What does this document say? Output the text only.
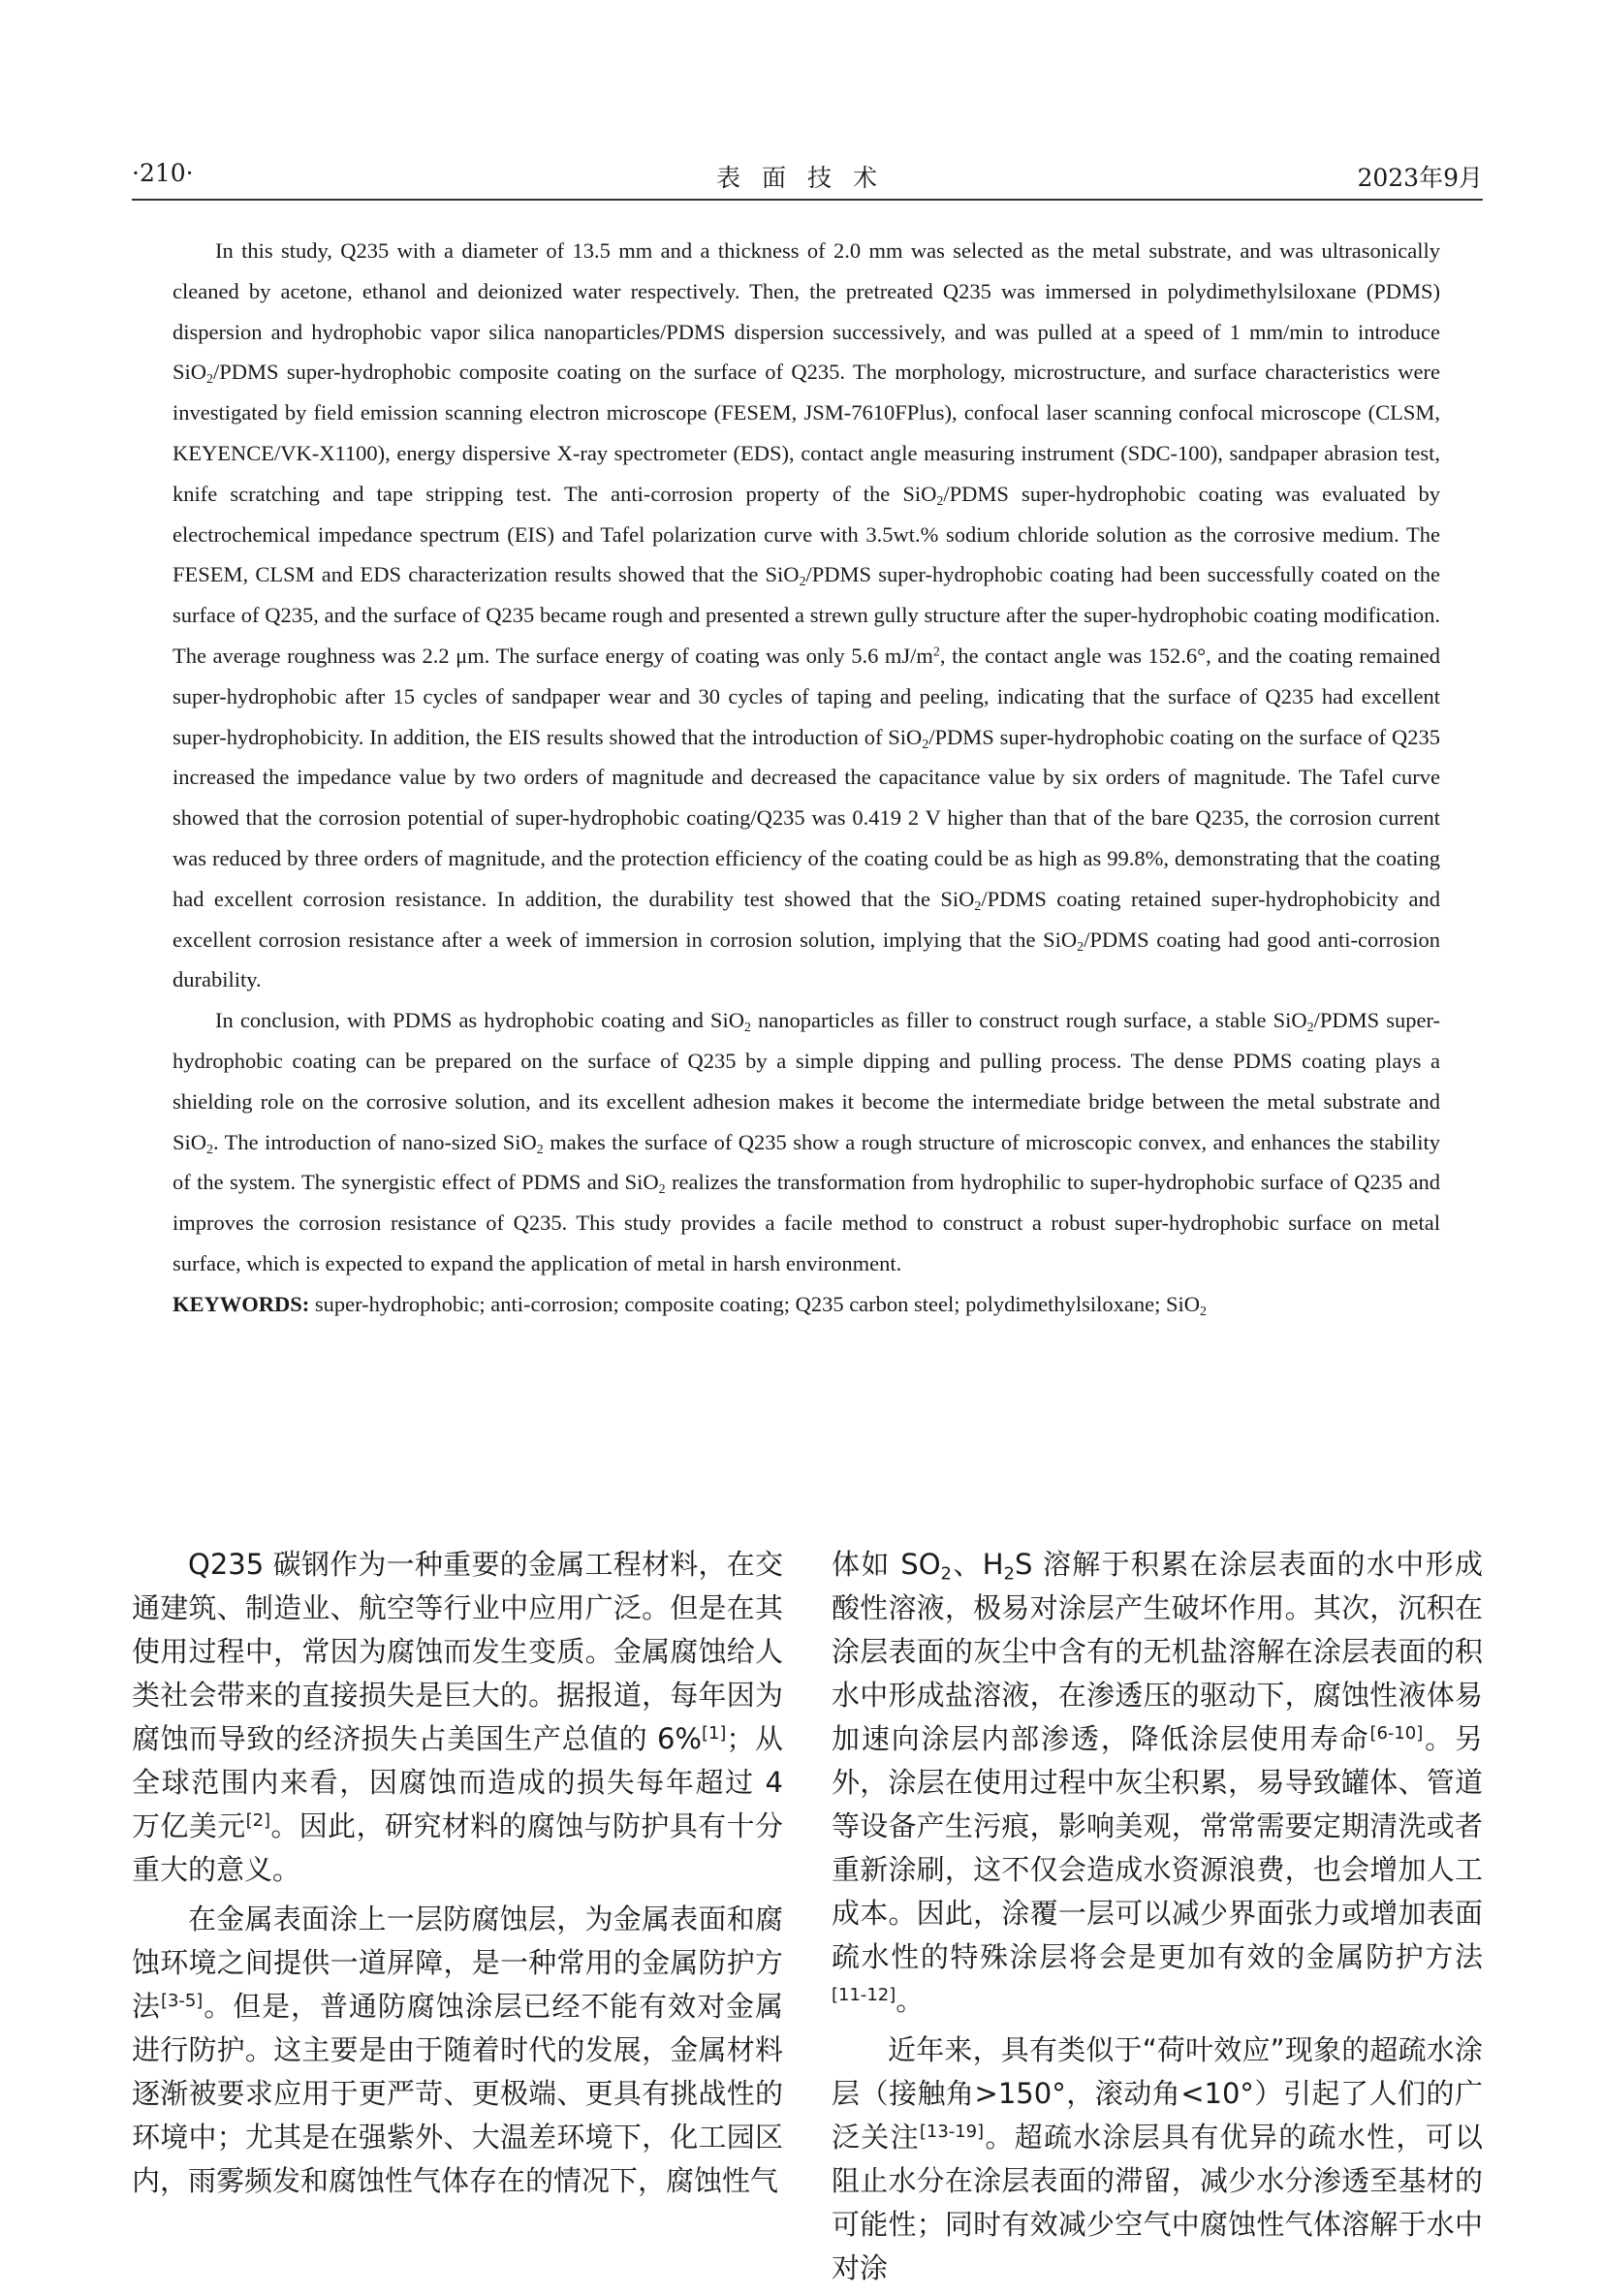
·210·	表面技术	2023年9月

In this study, Q235 with a diameter of 13.5 mm and a thickness of 2.0 mm was selected as the metal substrate, and was ultrasonically cleaned by acetone, ethanol and deionized water respectively. Then, the pretreated Q235 was immersed in polydimethylsiloxane (PDMS) dispersion and hydrophobic vapor silica nanoparticles/PDMS dispersion successively, and was pulled at a speed of 1 mm/min to introduce SiO$_2$/PDMS super-hydrophobic composite coating on the surface of Q235. The morphology, microstructure, and surface characteristics were investigated by field emission scanning electron microscope (FESEM, JSM-7610FPlus), confocal laser scanning confocal microscope (CLSM, KEYENCE/VK-X1100), energy dispersive X-ray spectrometer (EDS), contact angle measuring instrument (SDC-100), sandpaper abrasion test, knife scratching and tape stripping test. The anti-corrosion property of the SiO$_2$/PDMS super-hydrophobic coating was evaluated by electrochemical impedance spectrum (EIS) and Tafel polarization curve with 3.5wt.% sodium chloride solution as the corrosive medium. The FESEM, CLSM and EDS characterization results showed that the SiO$_2$/PDMS super-hydrophobic coating had been successfully coated on the surface of Q235, and the surface of Q235 became rough and presented a strewn gully structure after the super-hydrophobic coating modification. The average roughness was 2.2 μm. The surface energy of coating was only 5.6 $mJ/m^2$, the contact angle was 152.6°, and the coating remained super-hydrophobic after 15 cycles of sandpaper wear and 30 cycles of taping and peeling, indicating that the surface of Q235 had excellent super-hydrophobicity. In addition, the EIS results showed that the introduction of SiO$_2$/PDMS super-hydrophobic coating on the surface of Q235 increased the impedance value by two orders of magnitude and decreased the capacitance value by six orders of magnitude. The Tafel curve showed that the corrosion potential of super-hydrophobic coating/Q235 was 0.419 2 V higher than that of the bare Q235, the corrosion current was reduced by three orders of magnitude, and the protection efficiency of the coating could be as high as 99.8%, demonstrating that the coating had excellent corrosion resistance. In addition, the durability test showed that the SiO$_2$/PDMS coating retained super-hydrophobicity and excellent corrosion resistance after a week of immersion in corrosion solution, implying that the SiO$_2$/PDMS coating had good anti-corrosion durability.

In conclusion, with PDMS as hydrophobic coating and SiO$_2$ nanoparticles as filler to construct rough surface, a stable SiO$_2$/PDMS super-hydrophobic coating can be prepared on the surface of Q235 by a simple dipping and pulling process. The dense PDMS coating plays a shielding role on the corrosive solution, and its excellent adhesion makes it become the intermediate bridge between the metal substrate and SiO$_2$. The introduction of nano-sized SiO$_2$ makes the surface of Q235 show a rough structure of microscopic convex, and enhances the stability of the system. The synergistic effect of PDMS and SiO$_2$ realizes the transformation from hydrophilic to super-hydrophobic surface of Q235 and improves the corrosion resistance of Q235. This study provides a facile method to construct a robust super-hydrophobic surface on metal surface, which is expected to expand the application of metal in harsh environment.

KEYWORDS: super-hydrophobic; anti-corrosion; composite coating; Q235 carbon steel; polydimethylsiloxane; SiO$_2$

Q235 碳钢作为一种重要的金属工程材料，在交通建筑、制造业、航空等行业中应用广泛。但是在其使用过程中，常因为腐蚀而发生变质。金属腐蚀给人类社会带来的直接损失是巨大的。据报道，每年因为腐蚀而导致的经济损失占美国生产总值的 6%[1]；从全球范围内来看，因腐蚀而造成的损失每年超过 4 万亿美元[2]。因此，研究材料的腐蚀与防护具有十分重大的意义。

在金属表面涂上一层防腐蚀层，为金属表面和腐蚀环境之间提供一道屏障，是一种常用的金属防护方法[3-5]。但是，普通防腐蚀涂层已经不能有效对金属进行防护。这主要是由于随着时代的发展，金属材料逐渐被要求应用于更严苛、更极端、更具有挑战性的环境中；尤其是在强紫外、大温差环境下，化工园区内，雨雾频发和腐蚀性气体存在的情况下，腐蚀性气

体如 $SO_2$、$H_2S$ 溶解于积累在涂层表面的水中形成酸性溶液，极易对涂层产生破坏作用。其次，沉积在涂层表面的灰尘中含有的无机盐溶解在涂层表面的积水中形成盐溶液，在渗透压的驱动下，腐蚀性液体易加速向涂层内部渗透，降低涂层使用寿命[6-10]。另外，涂层在使用过程中灰尘积累，易导致罐体、管道等设备产生污痕，影响美观，常常需要定期清洗或者重新涂刷，这不仅会造成水资源浪费，也会增加人工成本。因此，涂覆一层可以减少界面张力或增加表面疏水性的特殊涂层将会是更加有效的金属防护方法[11-12]。

近年来，具有类似于“荷叶效应”现象的超疏水涂层（接触角>150°，滚动角<10°）引起了人们的广泛关注[13-19]。超疏水涂层具有优异的疏水性，可以阻止水分在涂层表面的滞留，减少水分渗透至基材的可能性；同时有效减少空气中腐蚀性气体溶解于水中对涂
